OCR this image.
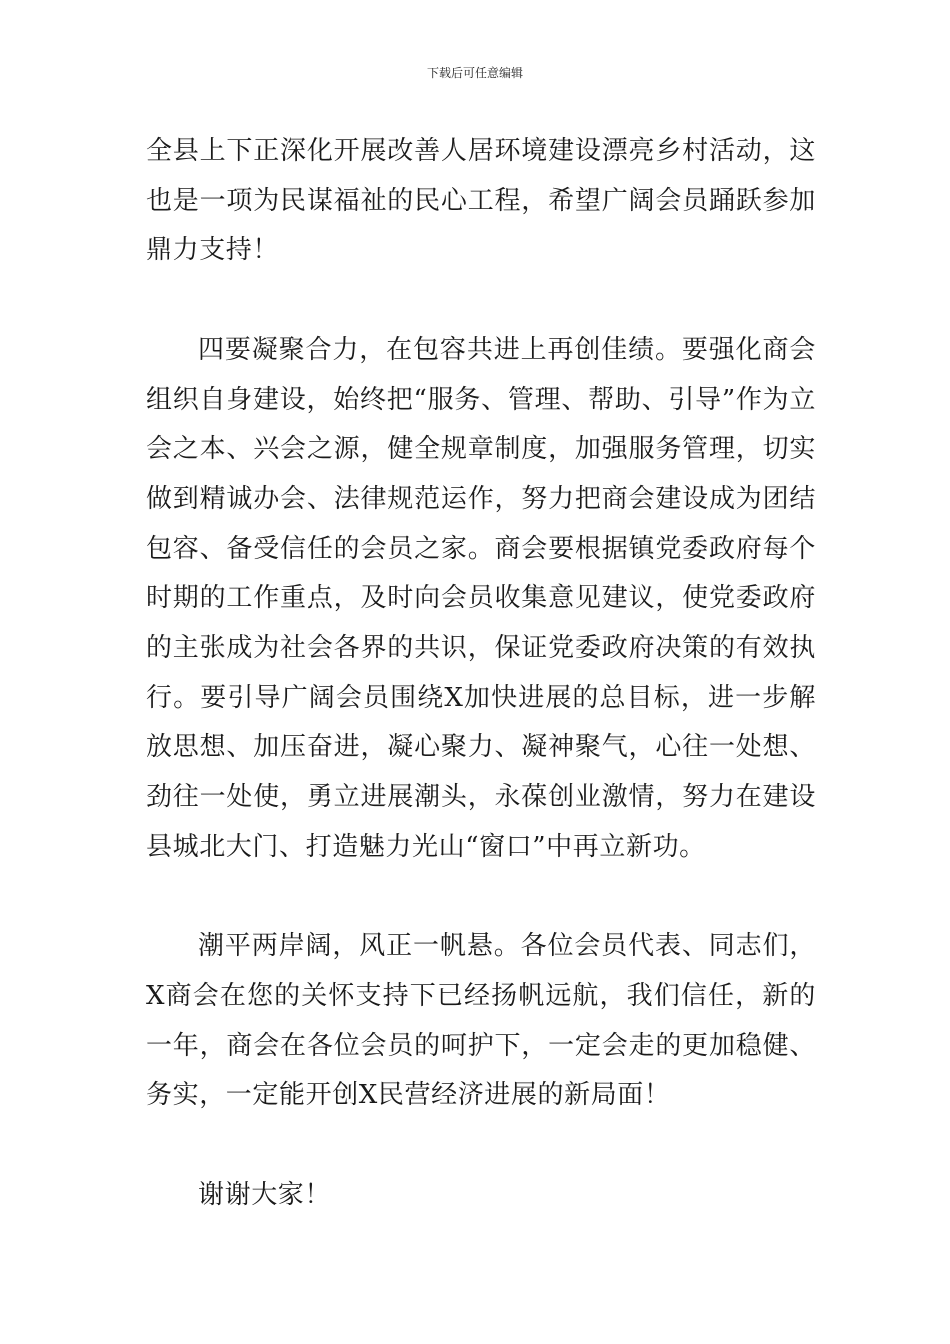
下载后可任意编辑

全县上下正深化开展改善人居环境建设漂亮乡村活动，这也是一项为民谋福祉的民心工程，希望广阔会员踊跃参加鼎力支持！

四要凝聚合力，在包容共进上再创佳绩。要强化商会组织自身建设，始终把“服务、管理、帮助、引导”作为立会之本、兴会之源，健全规章制度，加强服务管理，切实做到精诚办会、法律规范运作，努力把商会建设成为团结包容、备受信任的会员之家。商会要根据镇党委政府每个时期的工作重点，及时向会员收集意见建议，使党委政府的主张成为社会各界的共识，保证党委政府决策的有效执行。要引导广阔会员围绕X加快进展的总目标，进一步解放思想、加压奋进，凝心聚力、凝神聚气，心往一处想、劲往一处使，勇立进展潮头，永葆创业激情，努力在建设县城北大门、打造魅力光山“窗口”中再立新功。

潮平两岸阔，风正一帆悬。各位会员代表、同志们，X商会在您的关怀支持下已经扬帆远航，我们信任，新的一年，商会在各位会员的呵护下，一定会走的更加稳健、务实，一定能开创X民营经济进展的新局面！

谢谢大家！
